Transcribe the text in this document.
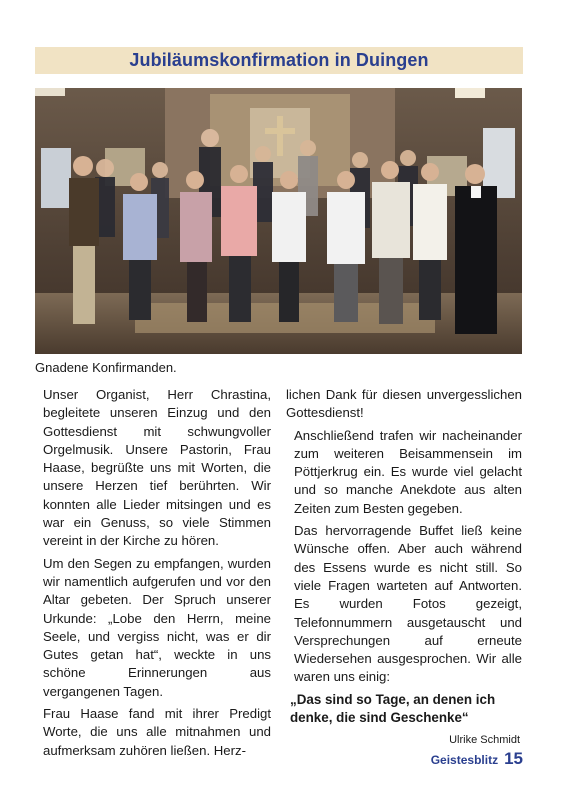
Jubiläumskonfirmation in Duingen
Gnadene Konfirmanden.

Unser Organist, Herr Chrastina, begleitete unseren Einzug und den Gottesdienst mit schwungvoller Orgelmusik. Unsere Pastorin, Frau Haase, begrüßte uns mit Worten, die unsere Herzen tief berührten. Wir konnten alle Lieder mitsingen und es war ein Genuss, so viele Stimmen vereint in der Kirche zu hören.

Um den Segen zu empfangen, wurden wir namentlich aufgerufen und vor den Altar gebeten. Der Spruch unserer Urkunde: „Lobe den Herrn, meine Seele, und vergiss nicht, was er dir Gutes getan hat“, weckte in uns schöne Erinnerungen aus vergangenen Tagen.

Frau Haase fand mit ihrer Predigt Worte, die uns alle mitnahmen und aufmerksam zuhören ließen. Herz-

lichen Dank für diesen unvergesslichen Gottesdienst!

Anschließend trafen wir nacheinander zum weiteren Beisammensein im Pöttjerkrug ein. Es wurde viel gelacht und so manche Anekdote aus alten Zeiten zum Besten gegeben.

Das hervorragende Buffet ließ keine Wünsche offen. Aber auch während des Essens wurde es nicht still. So viele Fragen warteten auf Antworten. Es wurden Fotos gezeigt, Telefonnummern ausgetauscht und Versprechungen auf erneute Wiedersehen ausgesprochen. Wir alle waren uns einig:

„Das sind so Tage, an denen ich denke, die sind Geschenke“
Ulrike Schmidt
Geistesblitz 15
